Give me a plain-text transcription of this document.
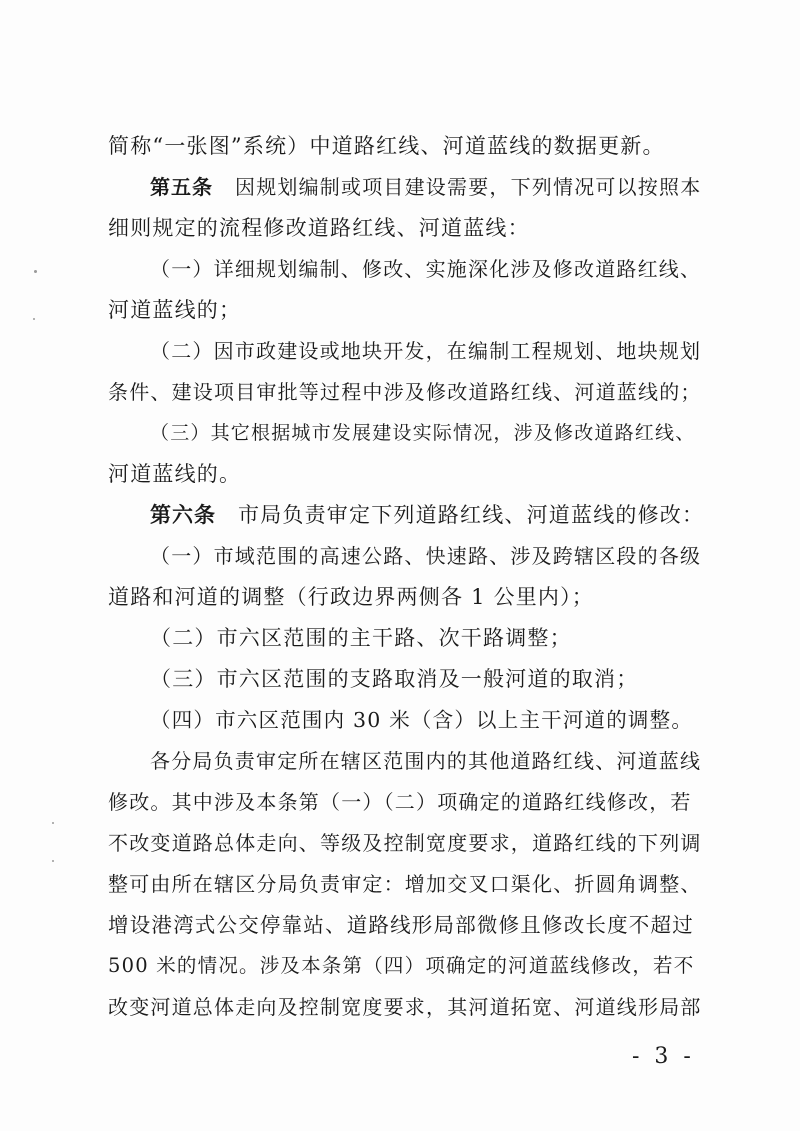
简称“一张图”系统）中道路红线、河道蓝线的数据更新。
第五条 因规划编制或项目建设需要，下列情况可以按照本
细则规定的流程修改道路红线、河道蓝线：
（一）详细规划编制、修改、实施深化涉及修改道路红线、
河道蓝线的；
（二）因市政建设或地块开发，在编制工程规划、地块规划
条件、建设项目审批等过程中涉及修改道路红线、河道蓝线的；
（三）其它根据城市发展建设实际情况，涉及修改道路红线、
河道蓝线的。
第六条 市局负责审定下列道路红线、河道蓝线的修改：
（一）市域范围的高速公路、快速路、涉及跨辖区段的各级
道路和河道的调整（行政边界两侧各 1 公里内）；
（二）市六区范围的主干路、次干路调整；
（三）市六区范围的支路取消及一般河道的取消；
（四）市六区范围内 30 米（含）以上主干河道的调整。
各分局负责审定所在辖区范围内的其他道路红线、河道蓝线
修改。其中涉及本条第（一）（二）项确定的道路红线修改，若
不改变道路总体走向、等级及控制宽度要求，道路红线的下列调
整可由所在辖区分局负责审定：增加交叉口渠化、折圆角调整、
增设港湾式公交停靠站、道路线形局部微修且修改长度不超过
500 米的情况。涉及本条第（四）项确定的河道蓝线修改，若不
改变河道总体走向及控制宽度要求，其河道拓宽、河道线形局部
- 3 -
